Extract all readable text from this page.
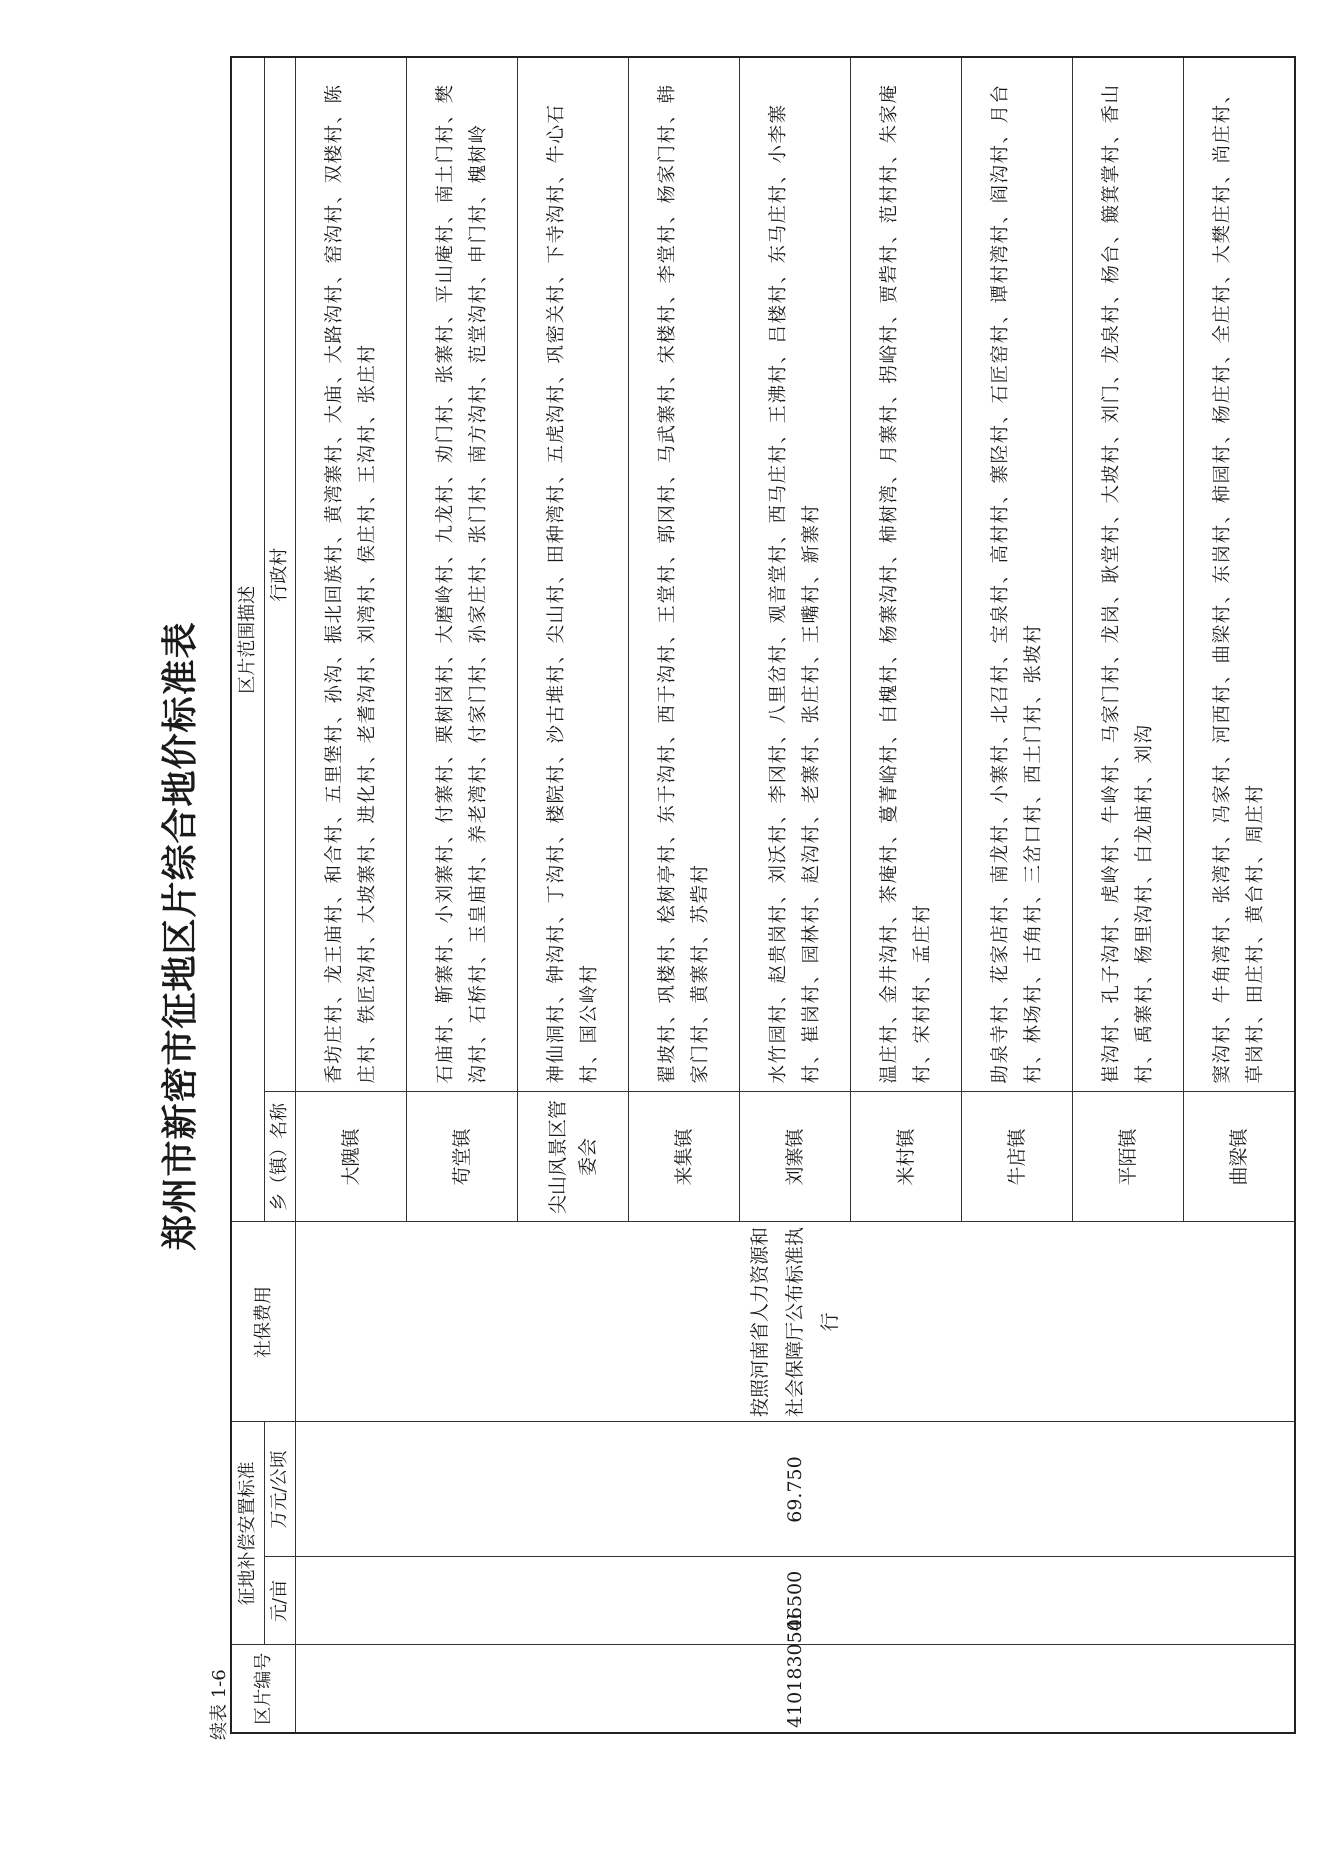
郑州市新密市征地区片综合地价标准表
续表 1-6 区片编号	征地补偿安置标准		社保费用	区片范围描述	
	元/亩	万元/公顷		乡（镇）名称	行政村
410183050l	46500	69.750	按照河南省人力资源和社会保障厅公布标准执行	大隗镇	香坊庄村、龙王庙村、和合村、五里堡村、孙沟、振北回族村、黄湾寨村、大庙、大路沟村、窑沟村、双楼村、陈庄村、铁匠沟村、大坡寨村、进化村、老耆沟村、刘湾村、侯庄村、王沟村、张庄村
				苟堂镇	石庙村、靳寨村、小刘寨村、付寨村、栗树岗村、大磨岭村、九龙村、劝门村、张寨村、平山庵村、南土门村、樊沟村、石桥村、玉皇庙村、养老湾村、付家门村、孙家庄村、张门村、南方沟村、范堂沟村、申门村、槐树岭
				尖山风景区管委会	神仙洞村、钟沟村、丁沟村、楼院村、沙古堆村、尖山村、田种湾村、五虎沟村、巩密关村、下寺沟村、牛心石村、国公岭村
				来集镇	翟坡村、巩楼村、桧树亭村、东于沟村、西于沟村、王堂村、郭冈村、马武寨村、宋楼村、李堂村、杨家门村、韩家门村、黄寨村、苏砦村
				刘寨镇	水竹园村、赵贵岗村、刘沃村、李冈村、八里岔村、观音堂村、西马庄村、王沸村、吕楼村、东马庄村、小李寨村、崔岗村、园林村、赵沟村、老寨村、张庄村、王嘴村、新寨村
				米村镇	温庄村、金井沟村、茶庵村、蔓菁峪村、白槐村、杨寨沟村、柿树湾、月寨村、拐峪村、贾砦村、范村村、朱家庵村、宋村村、孟庄村
				牛店镇	助泉寺村、花家店村、南龙村、小寨村、北召村、宝泉村、高村村、寨陉村、石匠窑村、谭村湾村、阎沟村、月台村、林场村、古角村、三岔口村、西土门村、张坡村
				平陌镇	崔沟村、孔子沟村、虎岭村、牛岭村、马家门村、龙岗、耿堂村、大坡村、刘门、龙泉村、杨台、簸箕掌村、香山村、禹寨村、杨里沟村、白龙庙村、刘沟
				曲梁镇	窦沟村、牛角湾村、张湾村、冯家村、河西村、曲梁村、东岗村、柿园村、杨庄村、全庄村、大樊庄村、尚庄村、草岗村、田庄村、黄台村、周庄村
